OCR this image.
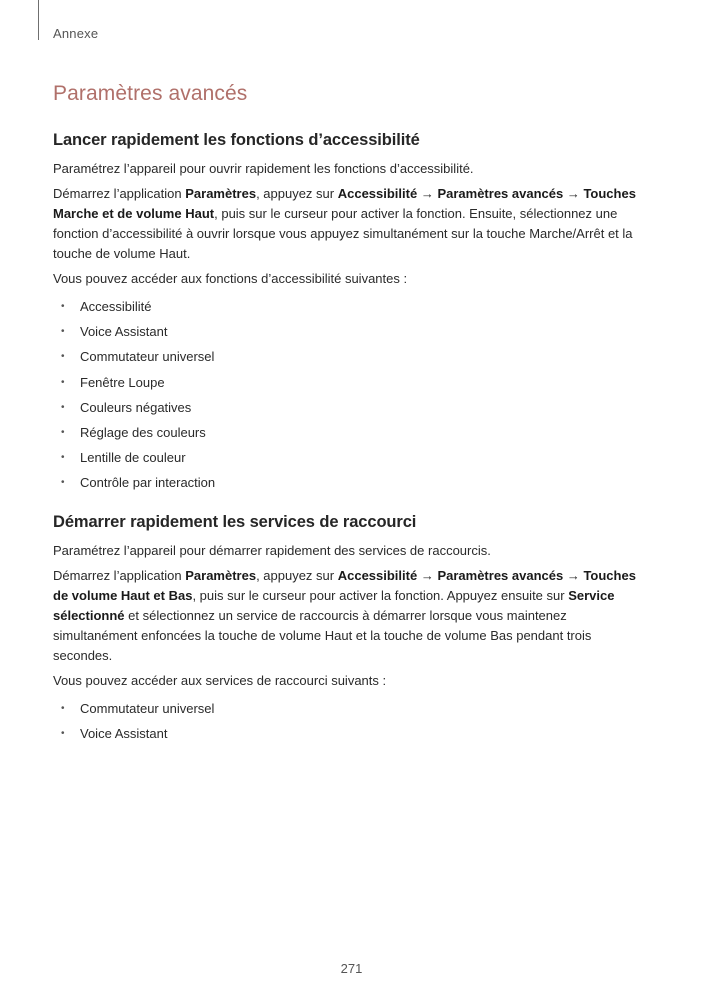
Annexe
Paramètres avancés
Lancer rapidement les fonctions d’accessibilité

Paramétrez l’appareil pour ouvrir rapidement les fonctions d’accessibilité.

Démarrez l’application Paramètres, appuyez sur Accessibilité → Paramètres avancés → Touches Marche et de volume Haut, puis sur le curseur pour activer la fonction. Ensuite, sélectionnez une fonction d’accessibilité à ouvrir lorsque vous appuyez simultanément sur la touche Marche/Arrêt et la touche de volume Haut.

Vous pouvez accéder aux fonctions d’accessibilité suivantes :

• Accessibilité
• Voice Assistant
• Commutateur universel
• Fenêtre Loupe
• Couleurs négatives
• Réglage des couleurs
• Lentille de couleur
• Contrôle par interaction
Démarrer rapidement les services de raccourci

Paramétrez l’appareil pour démarrer rapidement des services de raccourcis.

Démarrez l’application Paramètres, appuyez sur Accessibilité → Paramètres avancés → Touches de volume Haut et Bas, puis sur le curseur pour activer la fonction. Appuyez ensuite sur Service sélectionné et sélectionnez un service de raccourcis à démarrer lorsque vous maintenez simultanément enfoncées la touche de volume Haut et la touche de volume Bas pendant trois secondes.

Vous pouvez accéder aux services de raccourci suivants :

• Commutateur universel
• Voice Assistant
271
